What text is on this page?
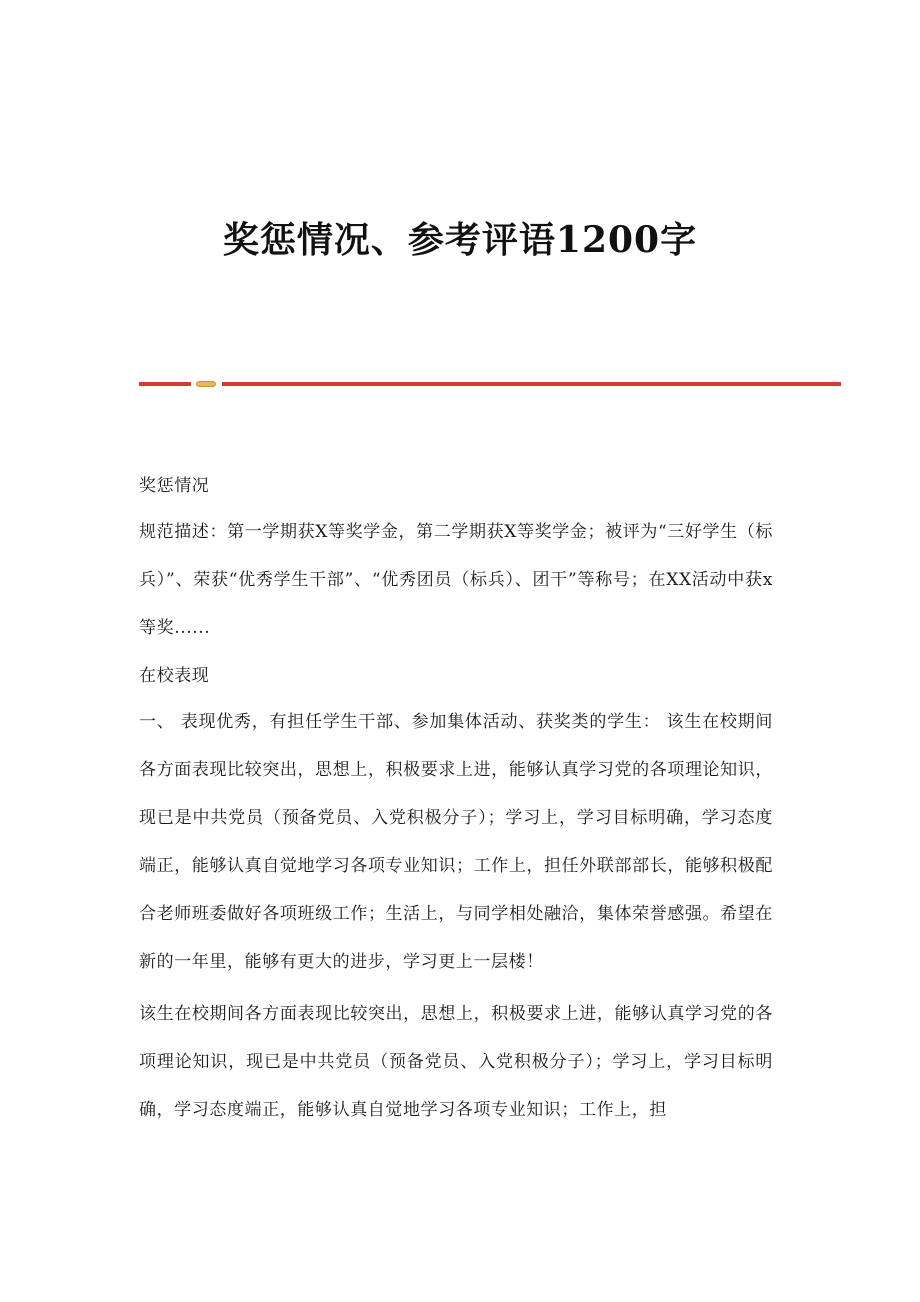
奖惩情况、参考评语1200字

奖惩情况

规范描述：第一学期获X等奖学金，第二学期获X等奖学金；被评为“三好学生（标兵）”、荣获“优秀学生干部”、“优秀团员（标兵）、团干”等称号；在XX活动中获x等奖......

在校表现

一、 表现优秀，有担任学生干部、参加集体活动、获奖类的学生： 该生在校期间各方面表现比较突出，思想上，积极要求上进，能够认真学习党的各项理论知识，现已是中共党员（预备党员、入党积极分子）；学习上，学习目标明确，学习态度端正，能够认真自觉地学习各项专业知识；工作上，担任外联部部长，能够积极配合老师班委做好各项班级工作；生活上，与同学相处融洽，集体荣誉感强。希望在新的一年里，能够有更大的进步，学习更上一层楼！

该生在校期间各方面表现比较突出，思想上，积极要求上进，能够认真学习党的各项理论知识，现已是中共党员（预备党员、入党积极分子）；学习上，学习目标明确，学习态度端正，能够认真自觉地学习各项专业知识；工作上，担
